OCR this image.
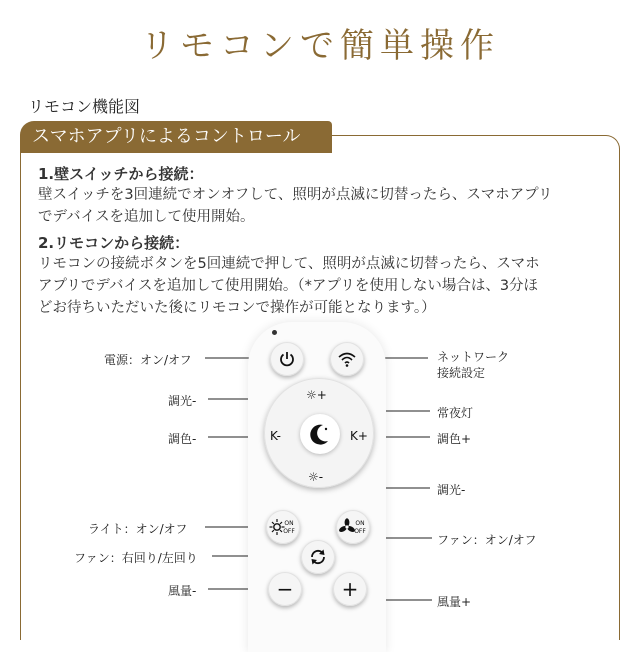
リモコンで簡単操作
リモコン機能図
スマホアプリによるコントロール
1.壁スイッチから接続：
壁スイッチを3回連続でオンオフして、照明が点滅に切替ったら、スマホアプリ
でデバイスを追加して使用開始。
2.リモコンから接続：
リモコンの接続ボタンを5回連続で押して、照明が点滅に切替ったら、スマホ
アプリでデバイスを追加して使用開始。（*アプリを使用しない場合は、3分ほ
どお待ちいただいた後にリモコンで操作が可能となります。）
☼+
K-	K+
☼-
ON
OFF
ON
OFF
−	+
電源：オン/オフ	ネットワーク
接続設定
調光-
常夜灯
調色-	調色+
調光-
ライト：オン/オフ
ファン：オン/オフ
ファン：右回り/左回り
風量-
風量+
